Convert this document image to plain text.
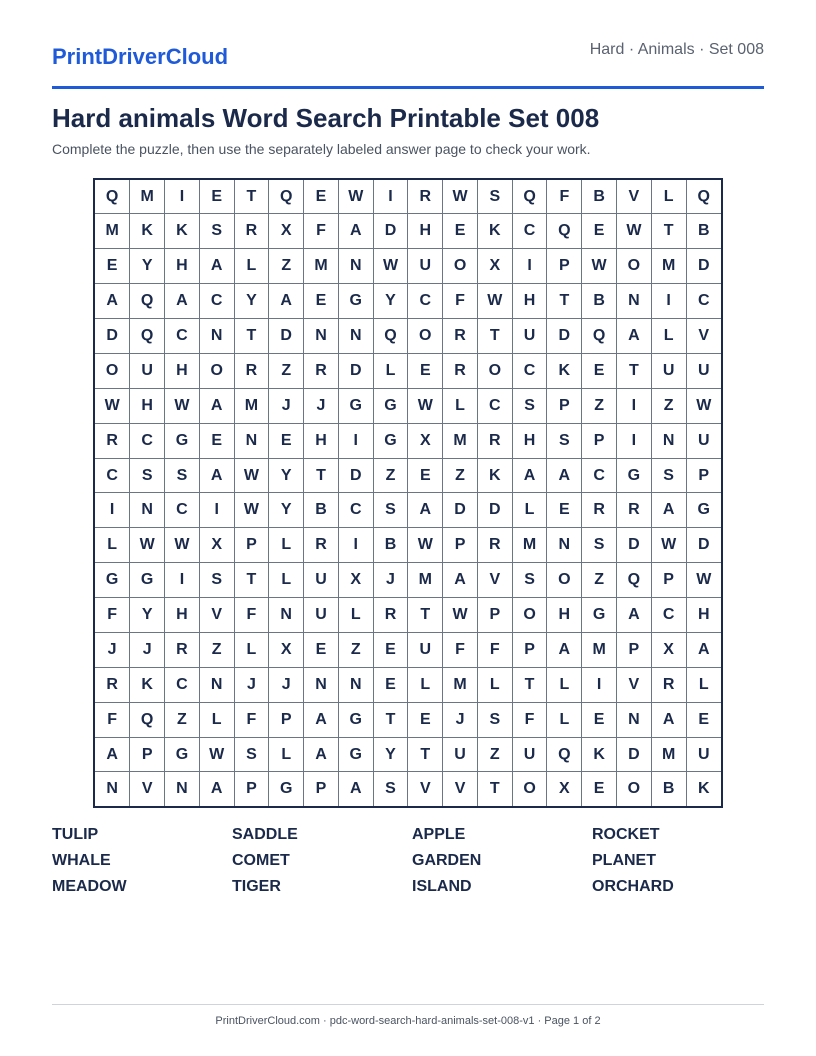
PrintDriverCloud	Hard · Animals · Set 008
Hard animals Word Search Printable Set 008

Complete the puzzle, then use the separately labeled answer page to check your work.

Q	M	I	E	T	Q	E	W	I	R	W	S	Q	F	B	V	L	Q
M	K	K	S	R	X	F	A	D	H	E	K	C	Q	E	W	T	B
E	Y	H	A	L	Z	M	N	W	U	O	X	I	P	W	O	M	D
A	Q	A	C	Y	A	E	G	Y	C	F	W	H	T	B	N	I	C
D	Q	C	N	T	D	N	N	Q	O	R	T	U	D	Q	A	L	V
O	U	H	O	R	Z	R	D	L	E	R	O	C	K	E	T	U	U
W	H	W	A	M	J	J	G	G	W	L	C	S	P	Z	I	Z	W
R	C	G	E	N	E	H	I	G	X	M	R	H	S	P	I	N	U
C	S	S	A	W	Y	T	D	Z	E	Z	K	A	A	C	G	S	P
I	N	C	I	W	Y	B	C	S	A	D	D	L	E	R	R	A	G
L	W	W	X	P	L	R	I	B	W	P	R	M	N	S	D	W	D
G	G	I	S	T	L	U	X	J	M	A	V	S	O	Z	Q	P	W
F	Y	H	V	F	N	U	L	R	T	W	P	O	H	G	A	C	H
J	J	R	Z	L	X	E	Z	E	U	F	F	P	A	M	P	X	A
R	K	C	N	J	J	N	N	E	L	M	L	T	L	I	V	R	L
F	Q	Z	L	F	P	A	G	T	E	J	S	F	L	E	N	A	E
A	P	G	W	S	L	A	G	Y	T	U	Z	U	Q	K	D	M	U
N	V	N	A	P	G	P	A	S	V	V	T	O	X	E	O	B	K
TULIP	SADDLE	APPLE	ROCKET
WHALE	COMET	GARDEN	PLANET
MEADOW	TIGER	ISLAND	ORCHARD
PrintDriverCloud.com · pdc-word-search-hard-animals-set-008-v1 · Page 1 of 2
